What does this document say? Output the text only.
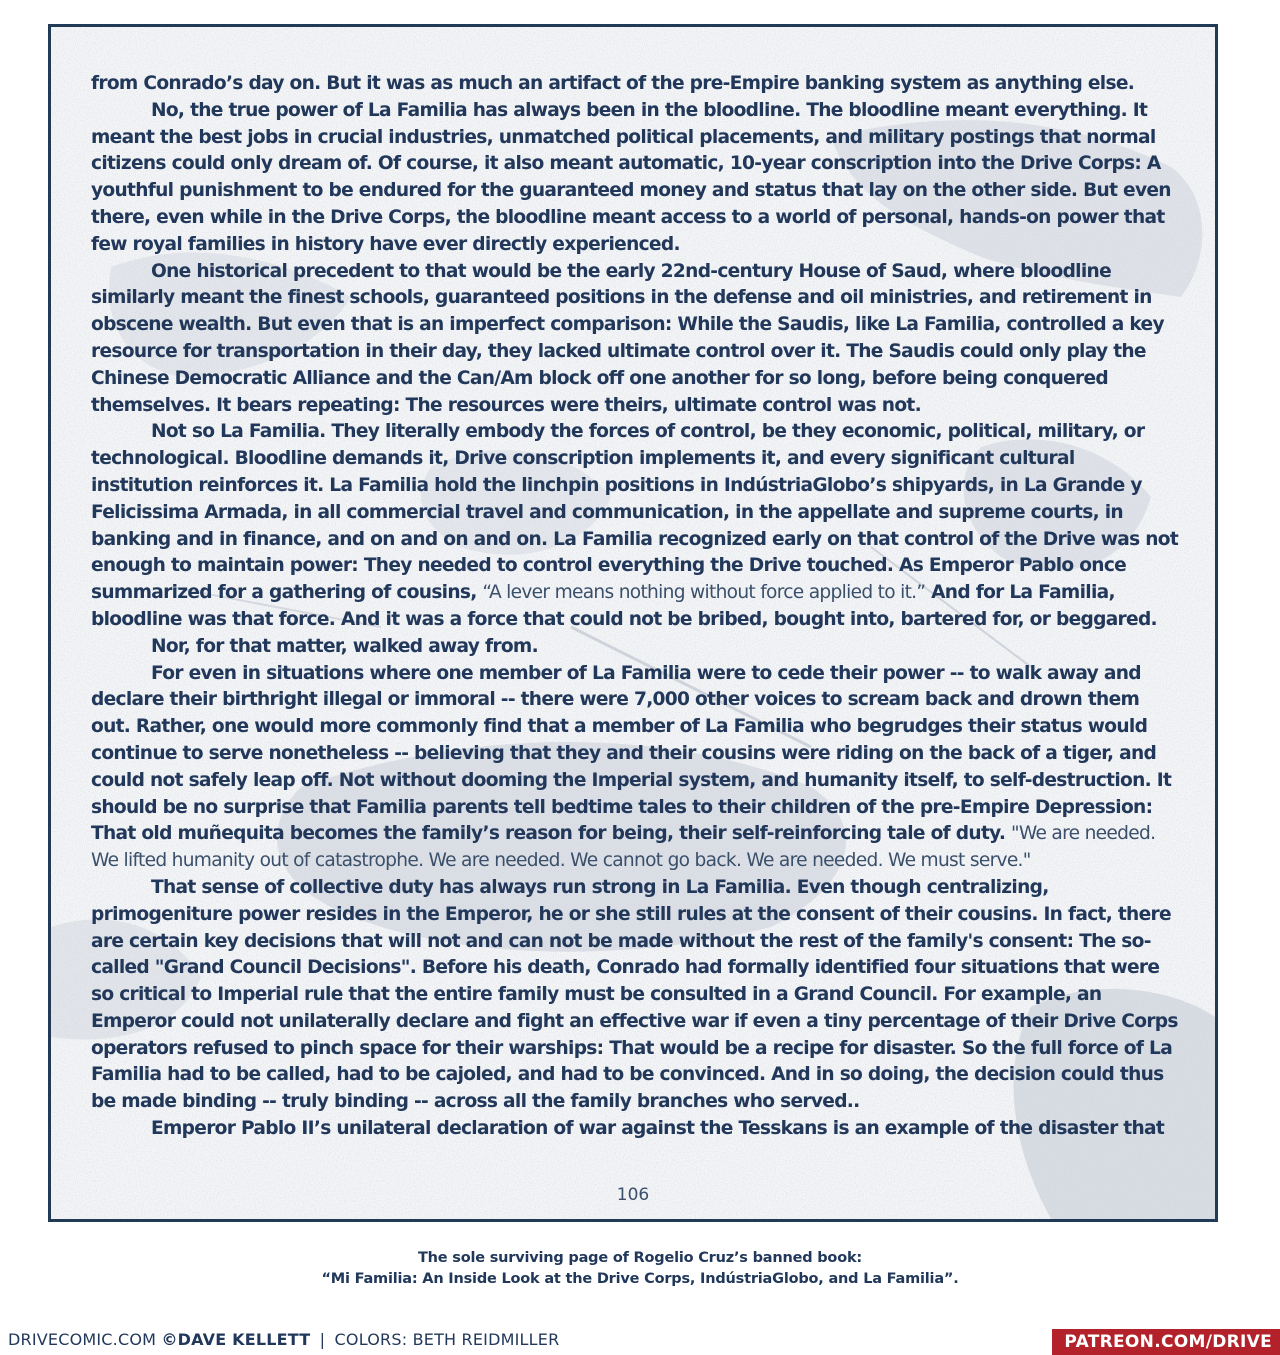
from Conrado’s day on. But it was as much an artifact of the pre-Empire banking system as anything else.

No, the true power of La Familia has always been in the bloodline. The bloodline meant everything. It meant the best jobs in crucial industries, unmatched political placements, and military postings that normal citizens could only dream of. Of course, it also meant automatic, 10-year conscription into the Drive Corps: A youthful punishment to be endured for the guaranteed money and status that lay on the other side. But even there, even while in the Drive Corps, the bloodline meant access to a world of personal, hands-on power that few royal families in history have ever directly experienced.

One historical precedent to that would be the early 22nd-century House of Saud, where bloodline similarly meant the finest schools, guaranteed positions in the defense and oil ministries, and retirement in obscene wealth. But even that is an imperfect comparison: While the Saudis, like La Familia, controlled a key resource for transportation in their day, they lacked ultimate control over it. The Saudis could only play the Chinese Democratic Alliance and the Can/Am block off one another for so long, before being conquered themselves. It bears repeating: The resources were theirs, ultimate control was not.

Not so La Familia. They literally embody the forces of control, be they economic, political, military, or technological. Bloodline demands it, Drive conscription implements it, and every significant cultural institution reinforces it. La Familia hold the linchpin positions in IndústriaGlobo’s shipyards, in La Grande y Felicissima Armada, in all commercial travel and communication, in the appellate and supreme courts, in banking and in finance, and on and on and on. La Familia recognized early on that control of the Drive was not enough to maintain power: They needed to control everything the Drive touched. As Emperor Pablo once summarized for a gathering of cousins, “A lever means nothing without force applied to it.” And for La Familia, bloodline was that force. And it was a force that could not be bribed, bought into, bartered for, or beggared.

Nor, for that matter, walked away from.

For even in situations where one member of La Familia were to cede their power -- to walk away and declare their birthright illegal or immoral -- there were 7,000 other voices to scream back and drown them out. Rather, one would more commonly find that a member of La Familia who begrudges their status would continue to serve nonetheless -- believing that they and their cousins were riding on the back of a tiger, and could not safely leap off. Not without dooming the Imperial system, and humanity itself, to self-destruction. It should be no surprise that Familia parents tell bedtime tales to their children of the pre-Empire Depression: That old muñequita becomes the family’s reason for being, their self-reinforcing tale of duty. "We are needed. We lifted humanity out of catastrophe. We are needed. We cannot go back. We are needed. We must serve."

That sense of collective duty has always run strong in La Familia. Even though centralizing, primogeniture power resides in the Emperor, he or she still rules at the consent of their cousins. In fact, there are certain key decisions that will not and can not be made without the rest of the family's consent: The so-called "Grand Council Decisions". Before his death, Conrado had formally identified four situations that were so critical to Imperial rule that the entire family must be consulted in a Grand Council. For example, an Emperor could not unilaterally declare and fight an effective war if even a tiny percentage of their Drive Corps operators refused to pinch space for their warships: That would be a recipe for disaster. So the full force of La Familia had to be called, had to be cajoled, and had to be convinced. And in so doing, the decision could thus be made binding -- truly binding -- across all the family branches who served..

Emperor Pablo II’s unilateral declaration of war against the Tesskans is an example of the disaster that

106
The sole surviving page of Rogelio Cruz’s banned book:
“Mi Familia: An Inside Look at the Drive Corps, IndústriaGlobo, and La Familia”.
DRIVECOMIC.COM ©DAVE KELLETT | COLORS: BETH REIDMILLER	PATREON.COM/DRIVE
